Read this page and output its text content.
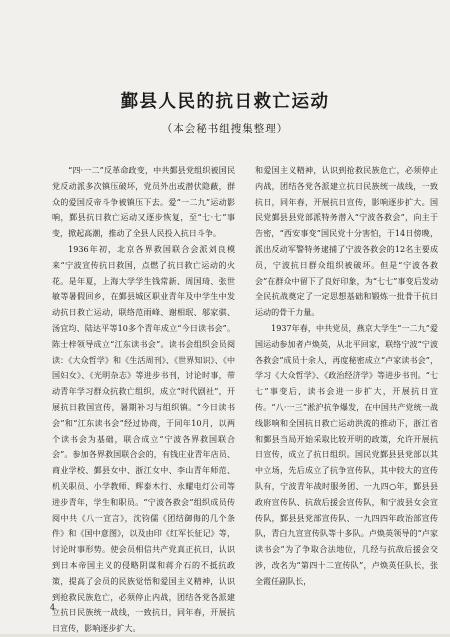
鄞县人民的抗日救亡运动
（本会秘书组搜集整理）

“四·一二”反革命政变，中共鄞县党组织被国民党反动派多次镇压破坏，党员外出或潜伏隐蔽，群众的爱国反帝斗争被镇压下去。爱“一二九”运动影响，鄞县抗日救亡运动又逐步恢复，至“七·七”事变，掀起高潮，推动了全县人民投入抗日斗争。

1936年初，北京各界救国联合会派刘良模来“宁波宣传抗日救国，点燃了抗日救亡运动的火花。是年夏，上海大学学生钱常新、周国琦、张世敏等暑假回乡，在鄞县城区职业青年及中学生中发动抗日救亡运动，联络范雨峰、谢相珉、邬家骐、汤宜均、陆达平等10多个青年成立“今日读书会”。陈士梓领导成立“江东读书会”。读书会组织会员阅读：《大众哲学》和《生活周刊》、《世界知识》、《中国妇女》、《光明杂志》等进步书刊，讨论时事，带动青年学习群众抗救亡组织，成立“时代剧社”，开展抗日救国宣传，暑期补习与组织镇。“今日读书会”和“江东读书会”经过协商，于同年10月，以两个读书会为基础，联合成立“宁波各界救国联合会”。参加各界救国联合会的，有钱庄业青年店员、商业学校、鄞县女中、浙江女中、李山青年师范、机关职员、小学教师、辉泰木行、永耀电灯公司等进步青年，学生和职员。“宁波各救会”组织成员传阅中共《八一宣言》，沈钧儒《团结御侮的几个条件》和《国中意图》，以及由印《红军长征记》等，讨论时事形势。使会员相信共产党真正抗日，认识到日本帝国主义的侵略阴谋和蒋介石的不抵抗政策，提高了会员的民族觉悟和爱国主义精神，认识到抢救民族危亡，必须停止内战，团结各党各派建立抗日民族统一战线，一致抗日，同年春，开展抗日宣传，影响逐步扩大。

和爱国主义精神，认识到抢救民族危亡，必须停止内战，团结各党各派建立抗日民族统一战线，一致抗日，同年春，开展抗日宣传，影响逐步扩大。国民党鄞县县党部派特务潜入“宁波各救会”，向主于告密，“西安事变”国民党十分害怕，于14日傍晚，派出反动军警特务逮捕了宁波各救会的12名主要成员，宁波抗日群众组织被破坏。但是“宁波各救会”在群众中留下了良好印象，为“七七”事变后发动全民抗战奠定了一定思想基础和锻炼一批骨干抗日运动的骨干力量。

1937年春，中共党员，燕京大学生“一二九”爱国运动参加者卢焕英，从北平回家，联络宁波“宁波各救会”成员十余人，再度秘密成立“卢家读书会”，学习《大众哲学》、《政治经济学》等进步书刊。“七七”事变后，读书会进一步扩大，开展抗日宣传。“八·一三”淞沪抗争爆发，在中国共产党统一战线影响和全国抗日救亡运动洪流的推动下，浙江省和鄞县当局开始采取比较开明的政策，允许开展抗日宣传，成立了抗日组织。国民党鄞县县党部以其中立场，先后成立了抗争宣传队，其中较大的宣传队有，宁波青年战时服务团、一九四○年，鄞县县政府宣传队、抗敌后援会宣传队，和宁波县女会宣传队，鄞县县党部宣传队、一九四四年政治部宣传队，青白九宣宣传队等十多队。卢焕英领导的“卢家读书会”为了争取合法地位，几经与抗敌后援会交涉，改名为“第四十二宣传队”，卢焕英任队长，张全霞任副队长，

4
